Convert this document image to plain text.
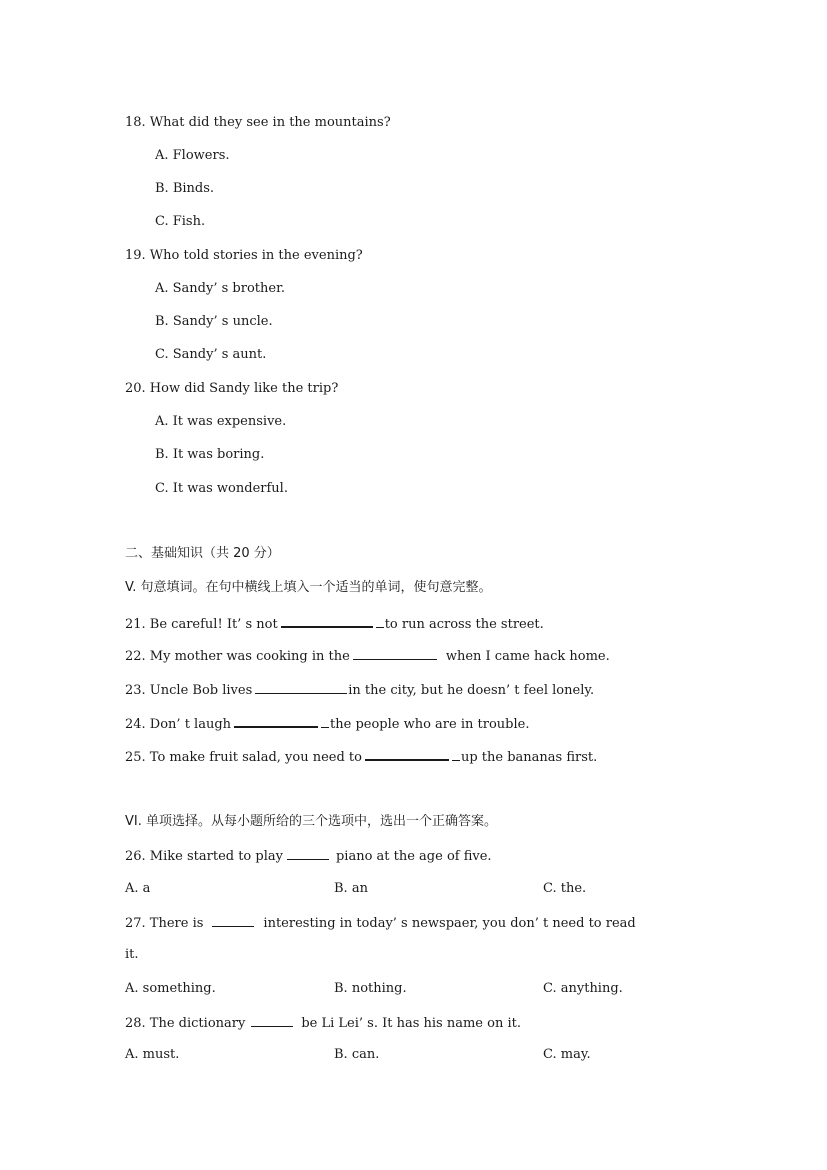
18. What did they see in the mountains?
A. Flowers.
B. Binds.
C. Fish.
19. Who told stories in the evening?
A. Sandy’ s brother.
B. Sandy’ s uncle.
C. Sandy’ s aunt.
20. How did Sandy like the trip?
A. It was expensive.
B. It was boring.
C. It was wonderful.
二、基础知识（共 20 分）
V. 句意填词。在句中横线上填入一个适当的单词，使句意完整。
21. Be careful! It’ s not	to run across the street.
22. My mother was cooking in the	when I came hack home.
23. Uncle Bob lives	in the city, but he doesn’ t feel lonely.
24. Don’ t laugh	the people who are in trouble.
25. To make fruit salad, you need to	up the bananas first.
VI. 单项选择。从每小题所给的三个选项中，选出一个正确答案。
26. Mike started to play	piano at the age of five.
A. a	B. an	C. the.
27. There is	interesting in today’ s newspaer, you don’ t need to read
it.
A. something.	B. nothing.	C. anything.
28. The dictionary	be Li Lei’ s. It has his name on it.
A. must.	B. can.	C. may.
